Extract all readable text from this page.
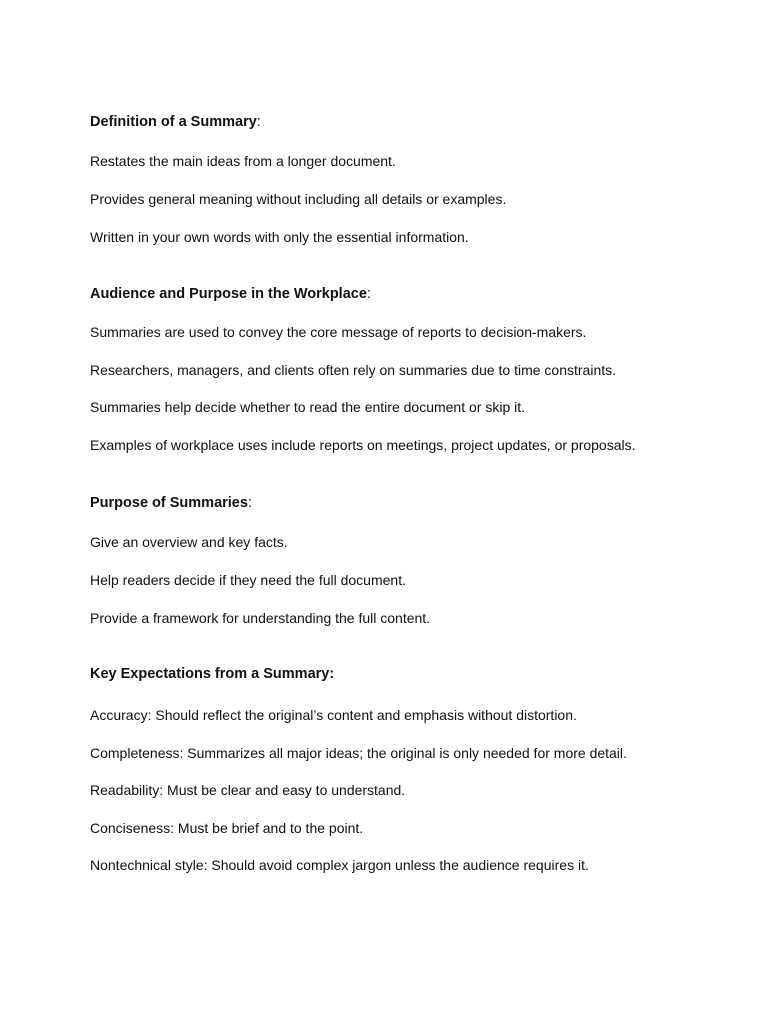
Definition of a Summary:
Restates the main ideas from a longer document.
Provides general meaning without including all details or examples.
Written in your own words with only the essential information.
Audience and Purpose in the Workplace:
Summaries are used to convey the core message of reports to decision-makers.
Researchers, managers, and clients often rely on summaries due to time constraints.
Summaries help decide whether to read the entire document or skip it.
Examples of workplace uses include reports on meetings, project updates, or proposals.
Purpose of Summaries:
Give an overview and key facts.
Help readers decide if they need the full document.
Provide a framework for understanding the full content.
Key Expectations from a Summary:
Accuracy: Should reflect the original’s content and emphasis without distortion.
Completeness: Summarizes all major ideas; the original is only needed for more detail.
Readability: Must be clear and easy to understand.
Conciseness: Must be brief and to the point.
Nontechnical style: Should avoid complex jargon unless the audience requires it.
